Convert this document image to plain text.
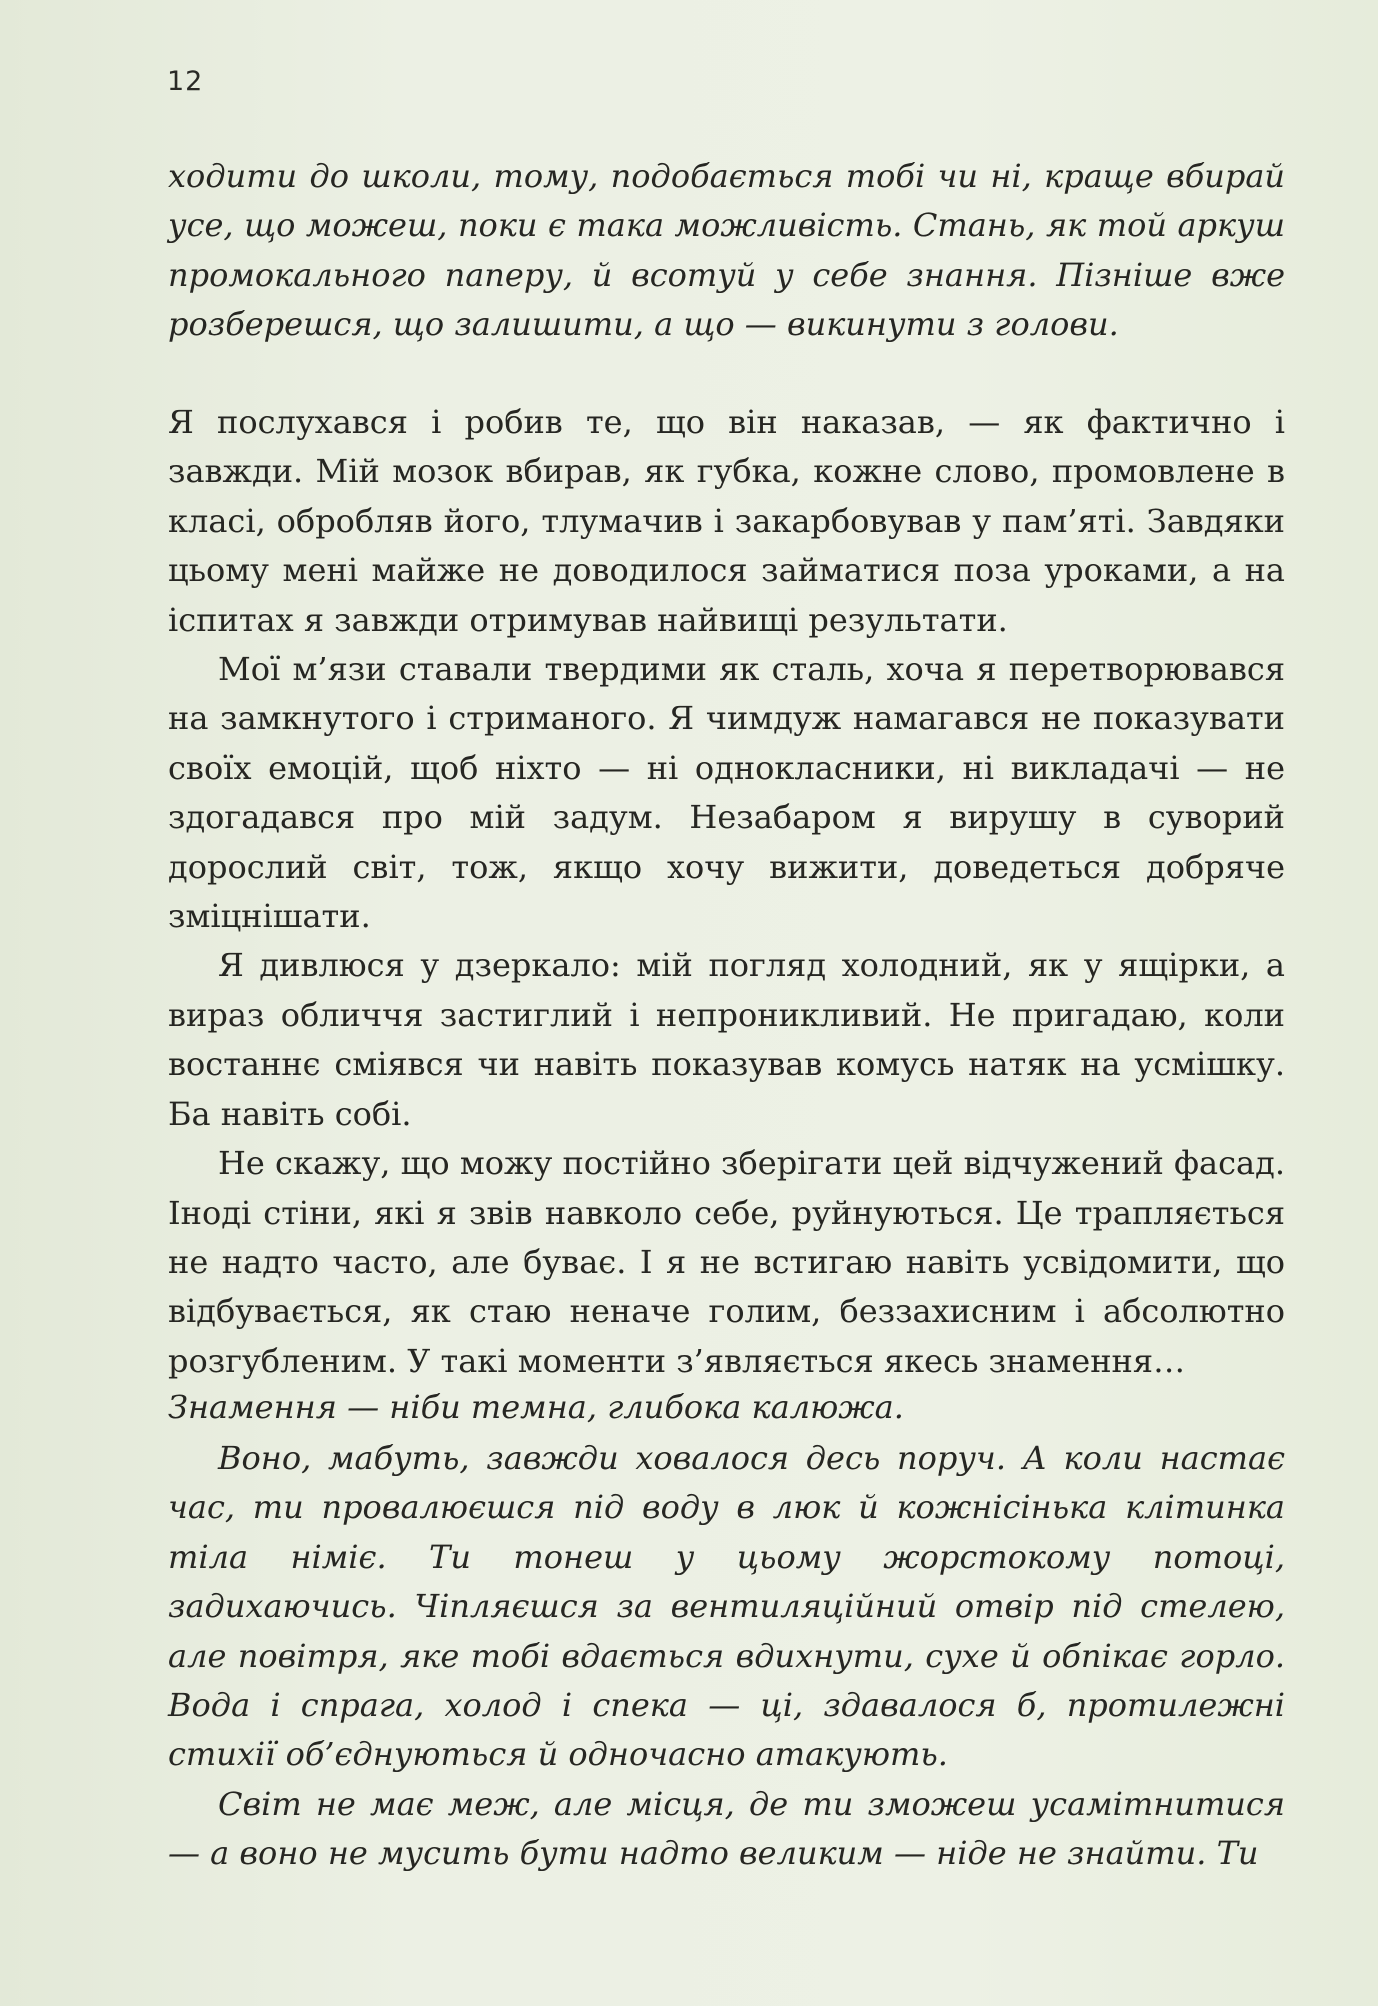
12

ходити до школи, тому, подобається тобі чи ні, краще вбирай усе, що можеш, поки є така можливість. Стань, як той аркуш промокального паперу, й всотуй у себе знання. Пізніше вже розберешся, що залишити, а що — викинути з голови.

Я послухався і робив те, що він наказав, — як фактично і завжди. Мій мозок вбирав, як губка, кожне слово, промовлене в класі, обробляв його, тлумачив і закарбовував у пам’яті. Завдяки цьому мені майже не доводилося займатися поза уроками, а на іспитах я завжди отримував найвищі результати.

Мої м’язи ставали твердими як сталь, хоча я перетворювався на замкнутого і стриманого. Я чимдуж намагався не показувати своїх емоцій, щоб ніхто — ні однокласники, ні викладачі — не здогадався про мій задум. Незабаром я вирушу в суворий дорослий світ, тож, якщо хочу вижити, доведеться добряче зміцнішати.

Я дивлюся у дзеркало: мій погляд холодний, як у ящірки, а вираз обличчя застиглий і непроникливий. Не пригадаю, коли востаннє сміявся чи навіть показував комусь натяк на усмішку. Ба навіть собі.

Не скажу, що можу постійно зберігати цей відчужений фасад. Іноді стіни, які я звів навколо себе, руйнуються. Це трапляється не надто часто, але буває. І я не встигаю навіть усвідомити, що відбувається, як стаю неначе голим, беззахисним і абсолютно розгубленим. У такі моменти з’являється якесь знамення…

Знамення — ніби темна, глибока калюжа.

Воно, мабуть, завжди ховалося десь поруч. А коли настає час, ти провалюєшся під воду в люк й кожнісінька клітинка тіла німіє. Ти тонеш у цьому жорстокому потоці, задихаючись. Чіпляєшся за вентиляційний отвір під стелею, але повітря, яке тобі вдається вдихнути, сухе й обпікає горло. Вода і спрага, холод і спека — ці, здавалося б, протилежні стихії об’єднуються й одночасно атакують.

Світ не має меж, але місця, де ти зможеш усамітнитися — а воно не мусить бути надто великим — ніде не знайти. Ти
